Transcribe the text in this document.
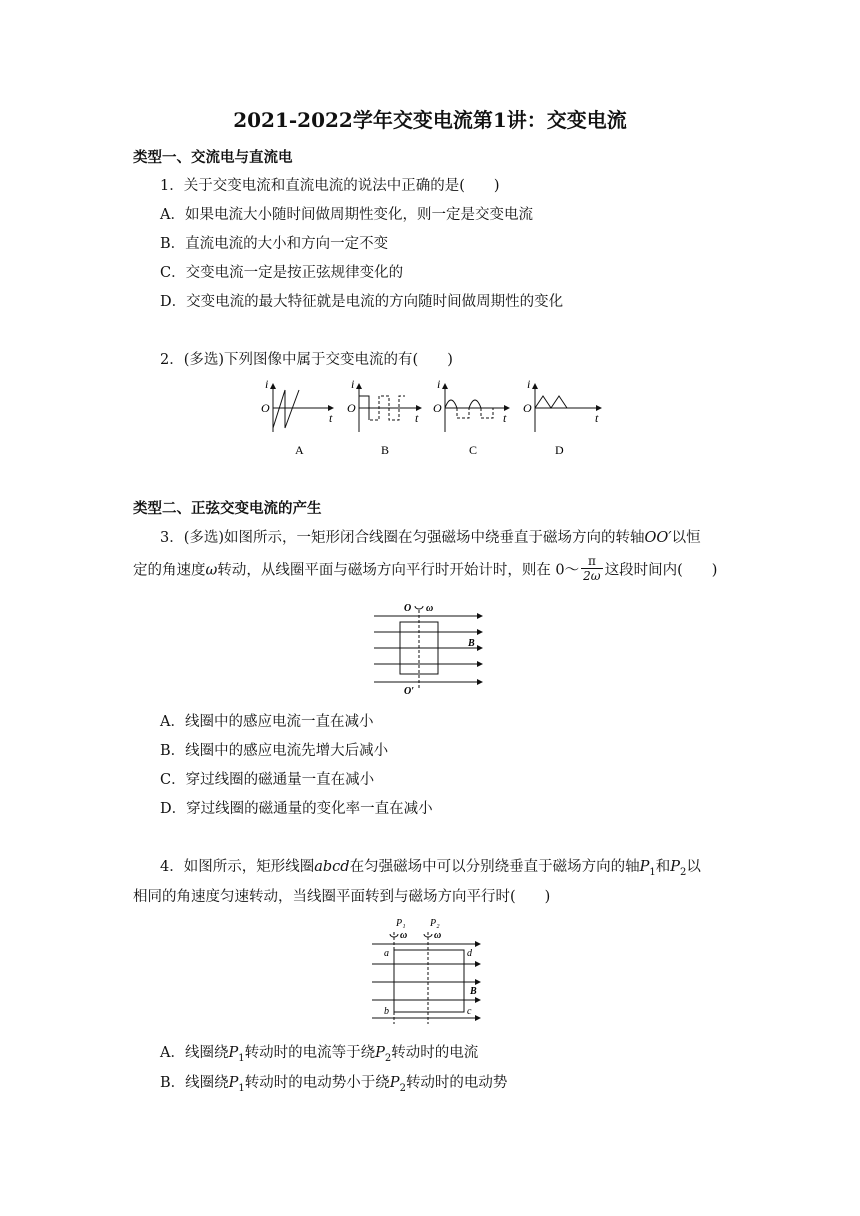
2021-2022学年交变电流第1讲：交变电流
类型一、交流电与直流电
1．关于交变电流和直流电流的说法中正确的是(　　)
A．如果电流大小随时间做周期性变化，则一定是交变电流
B．直流电流的大小和方向一定不变
C．交变电流一定是按正弦规律变化的
D．交变电流的最大特征就是电流的方向随时间做周期性的变化
2．(多选)下列图像中属于交变电流的有(　　)
i
O
t
A
i
O
t
B
i
O
t
C
i
O
t
D
类型二、正弦交变电流的产生
3．(多选)如图所示，一矩形闭合线圈在匀强磁场中绕垂直于磁场方向的转轴OO′以恒
定的角速度ω转动，从线圈平面与磁场方向平行时开始计时，则在 0～ $\frac{\pi}{2\omega}$ 这段时间内(　　)
O ω
B
O′
A．线圈中的感应电流一直在减小
B．线圈中的感应电流先增大后减小
C．穿过线圈的磁通量一直在减小
D．穿过线圈的磁通量的变化率一直在减小
4．如图所示，矩形线圈abcd在匀强磁场中可以分别绕垂直于磁场方向的轴$P_1$和$P_2$以
相同的角速度匀速转动，当线圈平面转到与磁场方向平行时(　　)
P₁ P₂
ω	ω
a	d
b	c
B
A．线圈绕$P_1$转动时的电流等于绕$P_2$转动时的电流
B．线圈绕$P_1$转动时的电动势小于绕$P_2$转动时的电动势
